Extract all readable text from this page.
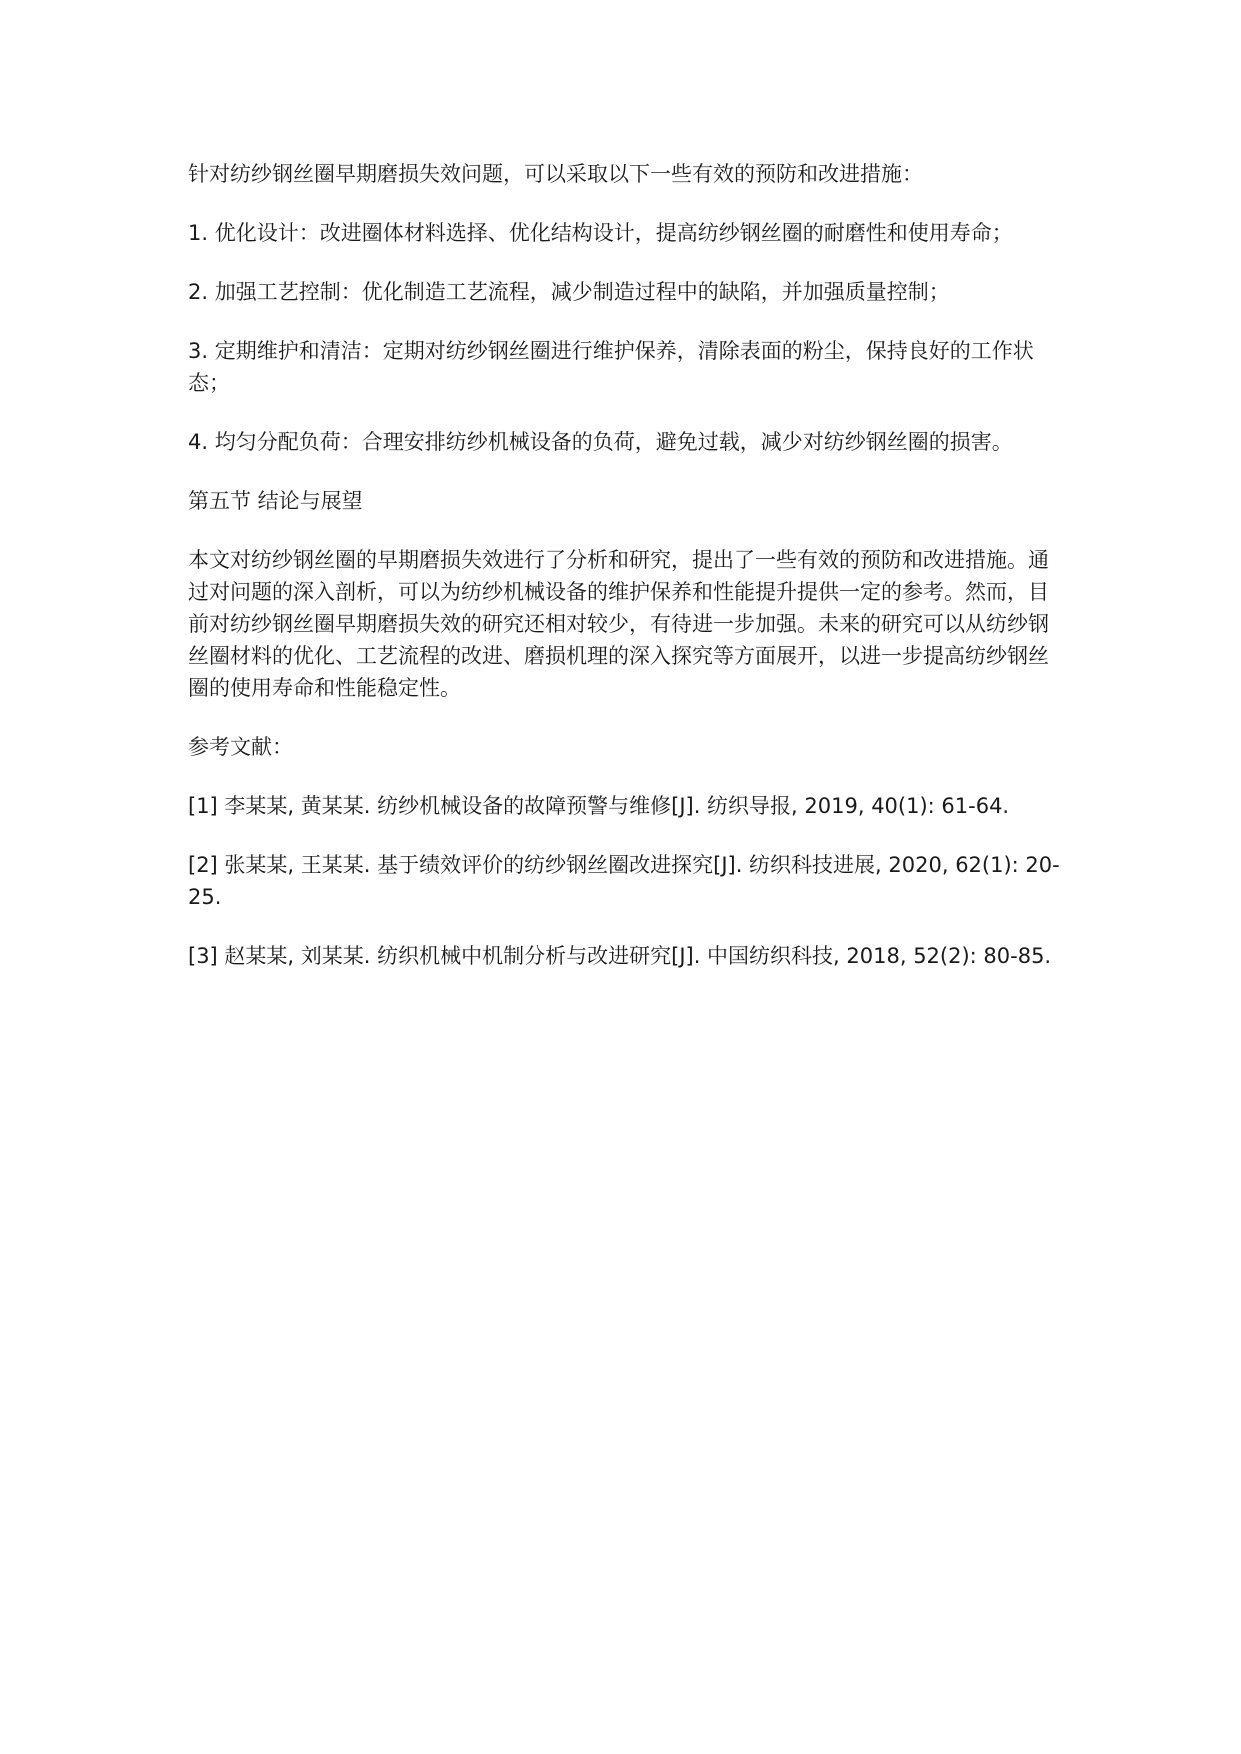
针对纺纱钢丝圈早期磨损失效问题，可以采取以下一些有效的预防和改进措施：

1. 优化设计：改进圈体材料选择、优化结构设计，提高纺纱钢丝圈的耐磨性和使用寿命；

2. 加强工艺控制：优化制造工艺流程，减少制造过程中的缺陷，并加强质量控制；

3. 定期维护和清洁：定期对纺纱钢丝圈进行维护保养，清除表面的粉尘，保持良好的工作状态；

4. 均匀分配负荷：合理安排纺纱机械设备的负荷，避免过载，减少对纺纱钢丝圈的损害。

第五节 结论与展望

本文对纺纱钢丝圈的早期磨损失效进行了分析和研究，提出了一些有效的预防和改进措施。通过对问题的深入剖析，可以为纺纱机械设备的维护保养和性能提升提供一定的参考。然而，目前对纺纱钢丝圈早期磨损失效的研究还相对较少，有待进一步加强。未来的研究可以从纺纱钢丝圈材料的优化、工艺流程的改进、磨损机理的深入探究等方面展开，以进一步提高纺纱钢丝圈的使用寿命和性能稳定性。

参考文献：

[1] 李某某, 黄某某. 纺纱机械设备的故障预警与维修[J]. 纺织导报, 2019, 40(1): 61-64.

[2] 张某某, 王某某. 基于绩效评价的纺纱钢丝圈改进探究[J]. 纺织科技进展, 2020, 62(1): 20-25.

[3] 赵某某, 刘某某. 纺织机械中机制分析与改进研究[J]. 中国纺织科技, 2018, 52(2): 80-85.
